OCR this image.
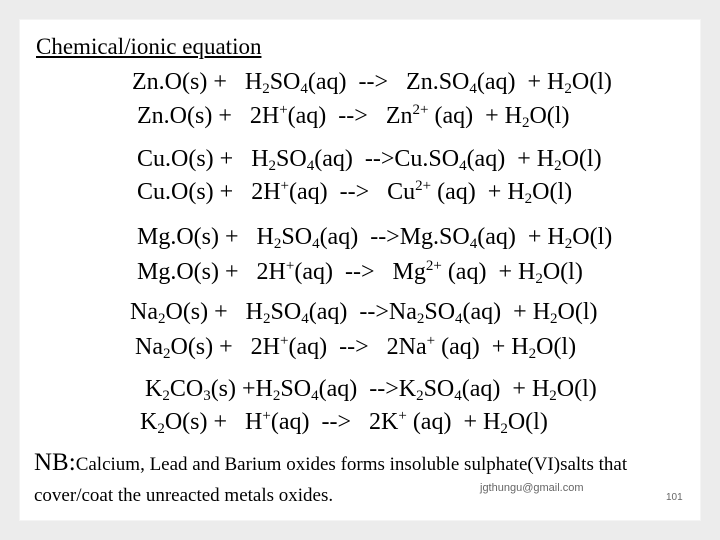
Chemical/ionic equation
$Zn.O(s) + H_2SO_4(aq)$  -->   $Zn.SO_4(aq) + H_2O(l)$
Zn.O(s) +   2H+(aq)  -->   $Zn^{2+}$ $(aq) + H_2O(l)$
$Cu.O(s) + H_2SO_4(aq) -->Cu.SO_4(aq) + H_2O(l)$
Cu.O(s) +   2H+(aq)  -->   $Cu^{2+}$ $(aq) + H_2O(l)$
$Mg.O(s) + H_2SO_4(aq) -->Mg.SO_4(aq) + H_2O(l)$
Mg.O(s) +   2H+(aq)  -->   $Mg^{2+}$ $(aq) + H_2O(l)$
$Na_2O(s) + H_2SO_4(aq) -->Na_2SO_4(aq) + H_2O(l)$
$Na_2O(s) + 2H^+(aq)$  -->   2Na+ $(aq) + H_2O(l)$
$K_2CO_3(s) +H_2SO_4(aq) -->K_2SO_4(aq) + H_2O(l)$
$K_2O(s) + H^+(aq)$  -->   2K+ $(aq) + H_2O(l)$
NB:Calcium, Lead and Barium oxides forms insoluble sulphate(VI)salts that cover/coat the unreacted metals oxides.	jgthungu@gmail.com
101
